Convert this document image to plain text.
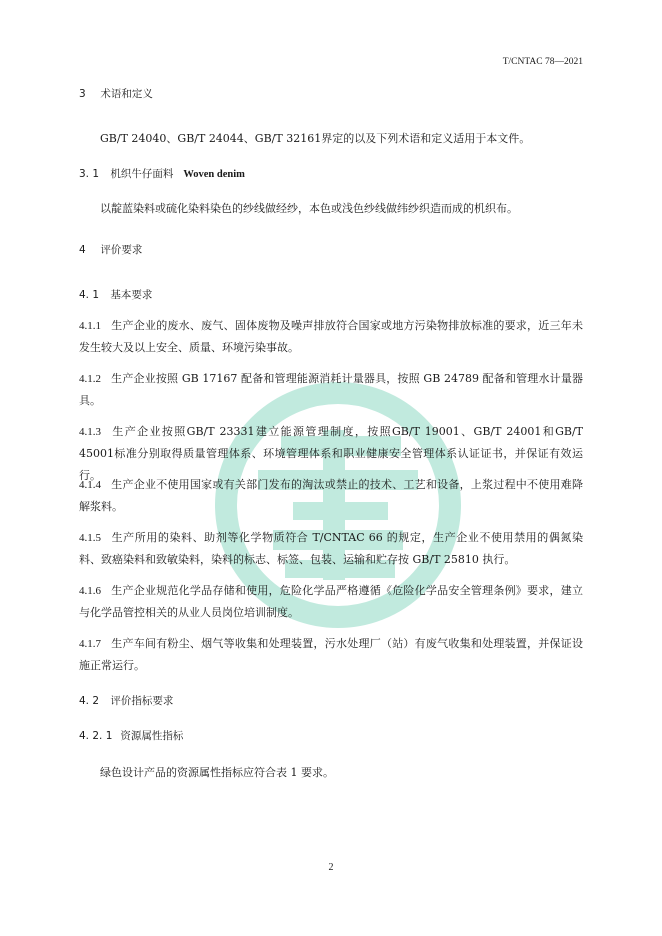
T/CNTAC 78—2021
3 术语和定义
GB/T 24040、GB/T 24044、GB/T 32161界定的以及下列术语和定义适用于本文件。
3. 1 机织牛仔面料 Woven denim
以靛蓝染料或硫化染料染色的纱线做经纱，本色或浅色纱线做纬纱织造而成的机织布。
4 评价要求
4. 1 基本要求
4.1.1 生产企业的废水、废气、固体废物及噪声排放符合国家或地方污染物排放标准的要求，近三年未发生较大及以上安全、质量、环境污染事故。
4.1.2 生产企业按照 GB 17167 配备和管理能源消耗计量器具，按照 GB 24789 配备和管理水计量器具。
4.1.3 生产企业按照GB/T 23331建立能源管理制度，按照GB/T 19001、GB/T 24001和GB/T 45001标准分别取得质量管理体系、环境管理体系和职业健康安全管理体系认证证书，并保证有效运行。
4.1.4 生产企业不使用国家或有关部门发布的淘汰或禁止的技术、工艺和设备，上浆过程中不使用难降解浆料。
4.1.5 生产所用的染料、助剂等化学物质符合 T/CNTAC 66 的规定，生产企业不使用禁用的偶氮染料、致癌染料和致敏染料，染料的标志、标签、包装、运输和贮存按 GB/T 25810 执行。
4.1.6 生产企业规范化学品存储和使用，危险化学品严格遵循《危险化学品安全管理条例》要求，建立与化学品管控相关的从业人员岗位培训制度。
4.1.7 生产车间有粉尘、烟气等收集和处理装置，污水处理厂（站）有废气收集和处理装置，并保证设施正常运行。
4. 2 评价指标要求
4. 2. 1 资源属性指标
绿色设计产品的资源属性指标应符合表 1 要求。
2
